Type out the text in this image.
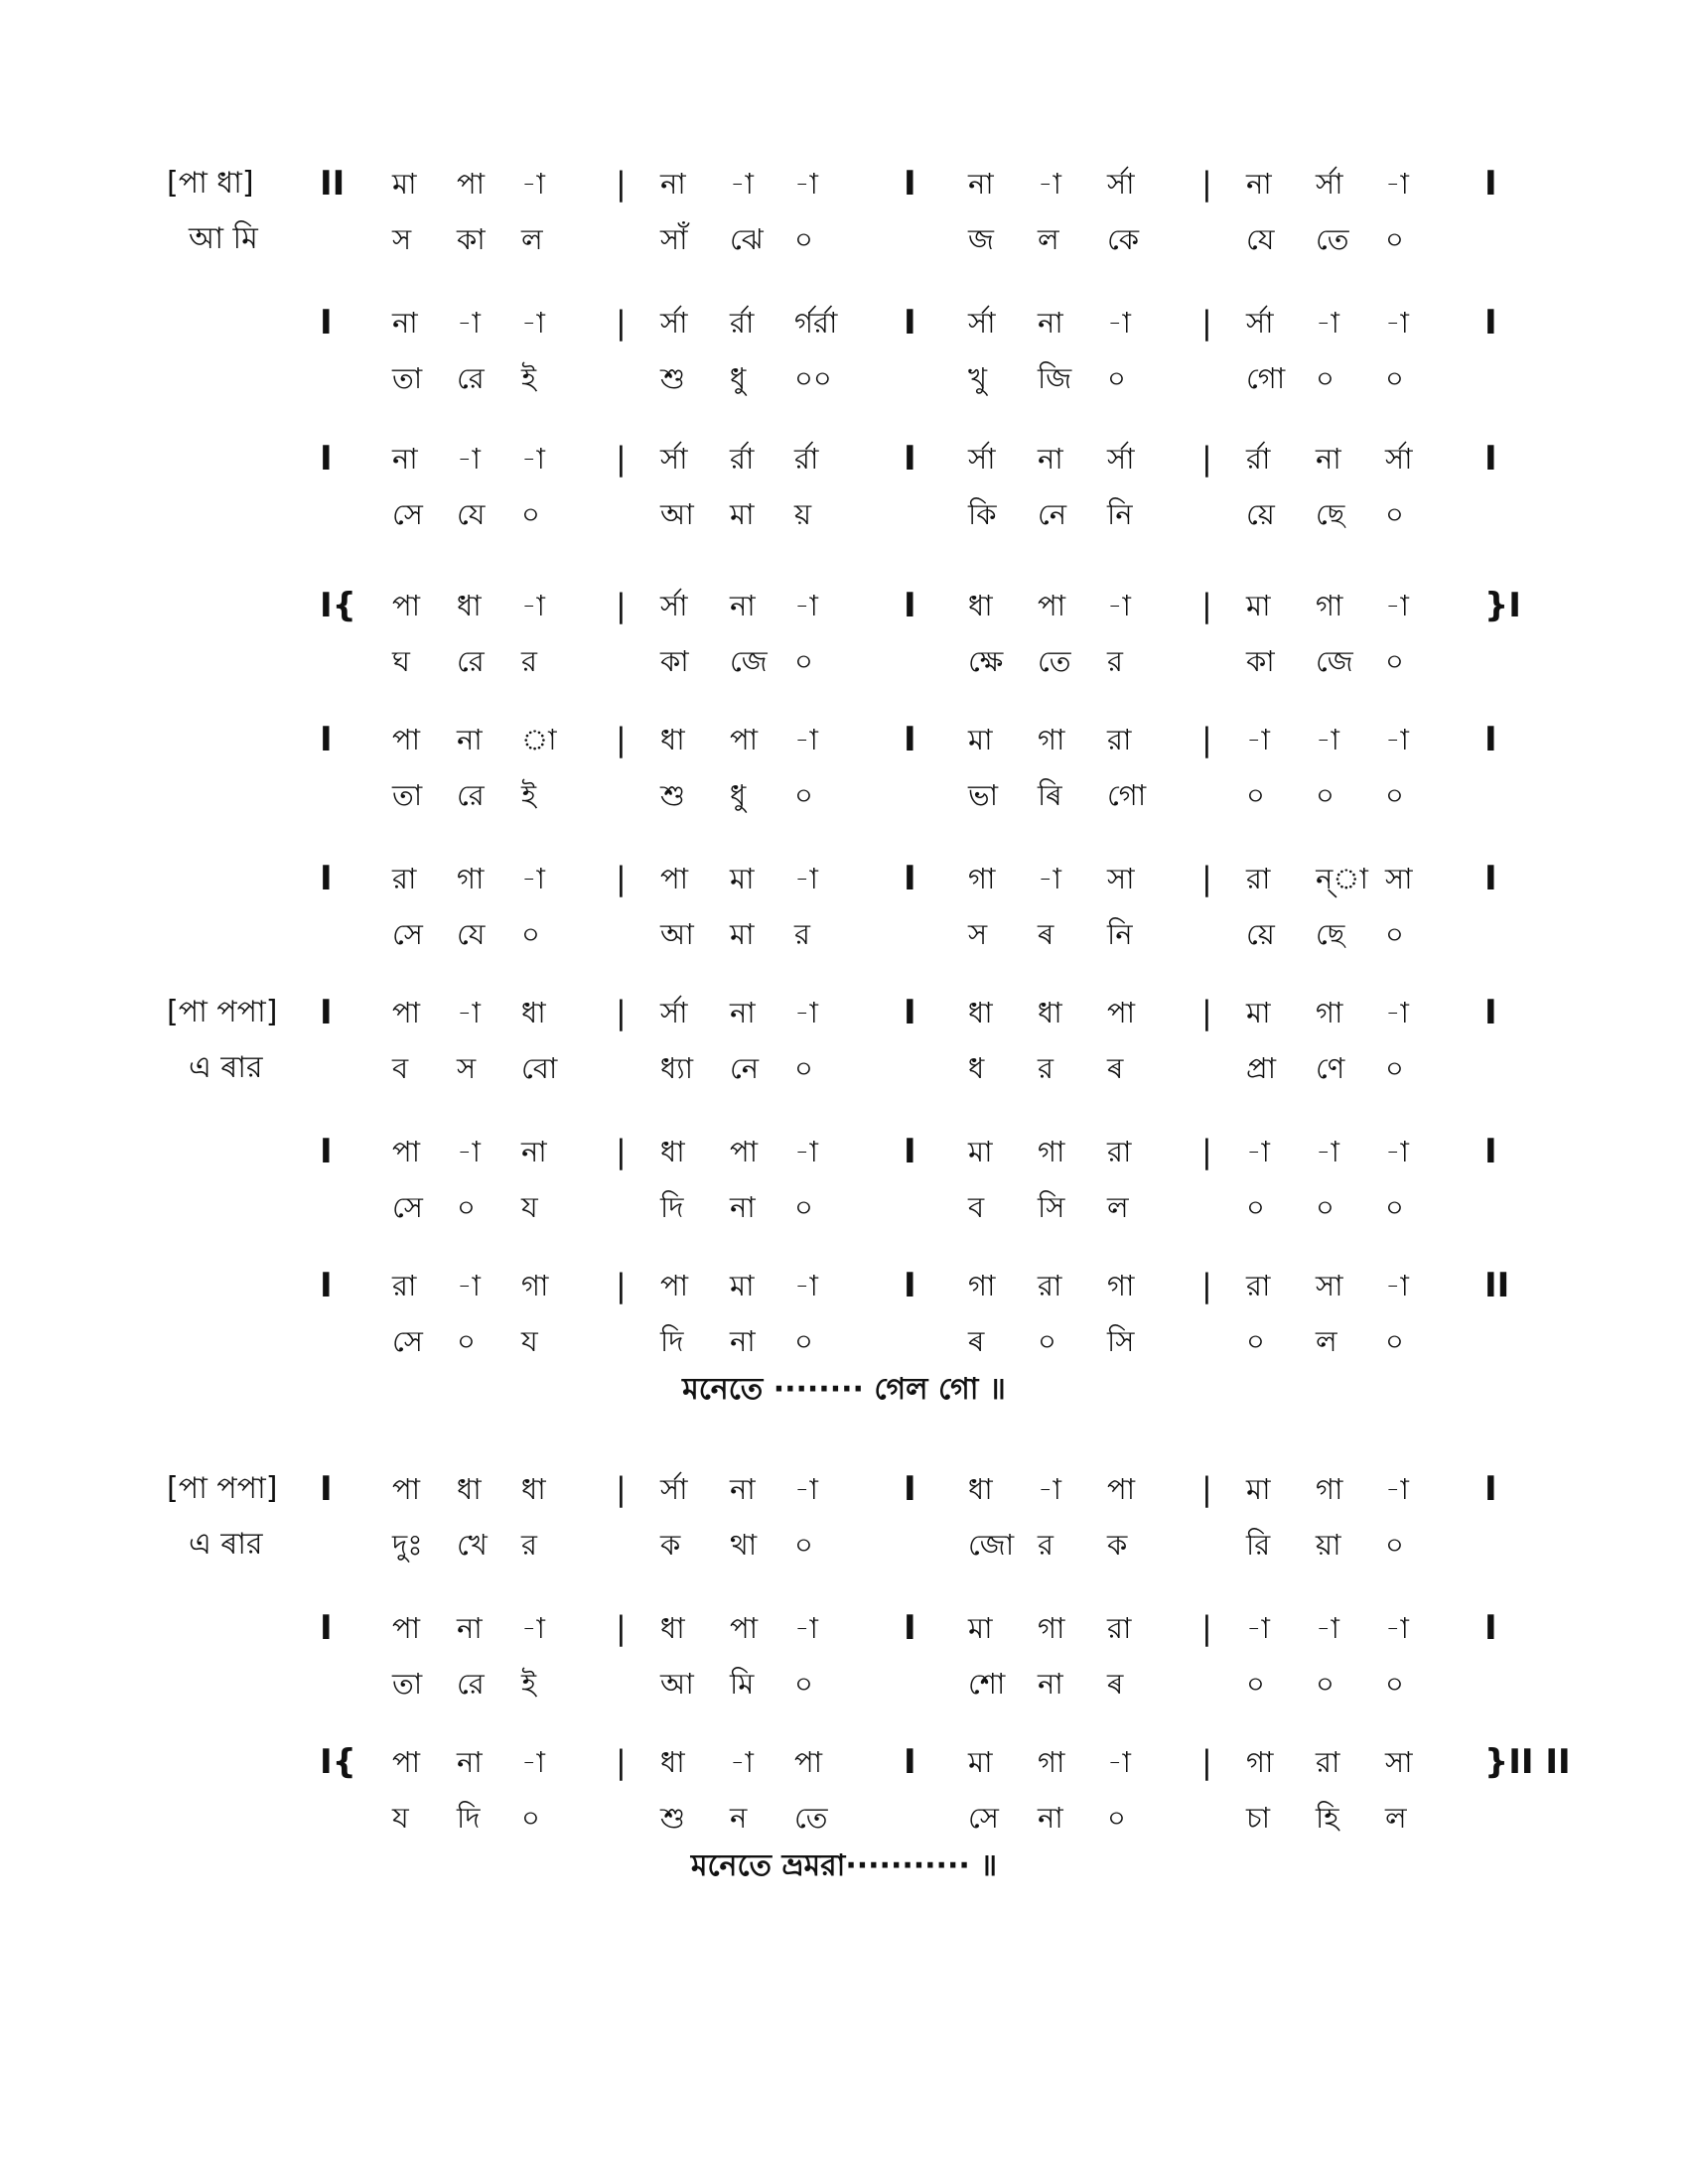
[পা ধা] II মা পা -া | না -া -া	I না -া র্সা | না র্সা -া I
আ মি	স কা ল	সাঁ ঝে ০	জ ল কে	যে তে ০
I না -া -া | র্সা র্রা র্গর্রা I র্সা না -া | র্সা -া -া I
তা রে ই	শু ধু ০০	খু জি ০	গো ০ ০
I না -া -া | র্সা র্রা র্রা	I র্সা না র্সা | র্রা না র্সা I
সে যে ০	আ মা য়	কি নে নি	য়ে ছে ০
I{ পা ধা -া | র্সা না -া	I ধা পা -া | মা গা -া }I
ঘ রে র	কা জে ০	ক্ষে তে র	কা জে ০
I পা না া | ধা পা -া	I মা গা রা | -া -া -া I
তা রে ই	শু ধু ০	ভা ৰি গো	০ ০ ০
I রা গা -া | পা মা -া	I গা -া সা | রা ন্া সা I
সে যে ০	আ মা র	স ৰ নি	য়ে ছে ০
[পা পপা] I পা -া ধা | র্সা না -া	I ধা ধা পা | মা গা -া I
এ ৰার	ব স বো	ধ্যা নে ০	ধ র ৰ	প্রা ণে ০
I পা -া না | ধা পা -া	I মা গা রা | -া -া -া I
সে ০ য	দি না ০	ব সি ল	০ ০ ০
I রা -া গা | পা মা -া	I গা রা গা | রা সা -া II
সে ০ য	দি না ০	ৰ ০ সি	০ ল ০
[পা পপা] I পা ধা ধা | র্সা না -া	I ধা -া পা | মা গা -া I
এ ৰার	দুঃ খে র	ক থা ০	জো র ক	রি য়া ০
I পা না -া | ধা পা -া	I মা গা রা | -া -া -া I
তা রে ই	আ মি ০	শো না ৰ	০ ০ ০
I{ পা না -া | ধা -া পা I মা গা -া | গা রা সা }II II
য দি ০	শু ন তে	সে না ০	চা হি ল
মনেতে ········ গেল গো ॥
মনেতে ভ্রমরা··········· ॥
